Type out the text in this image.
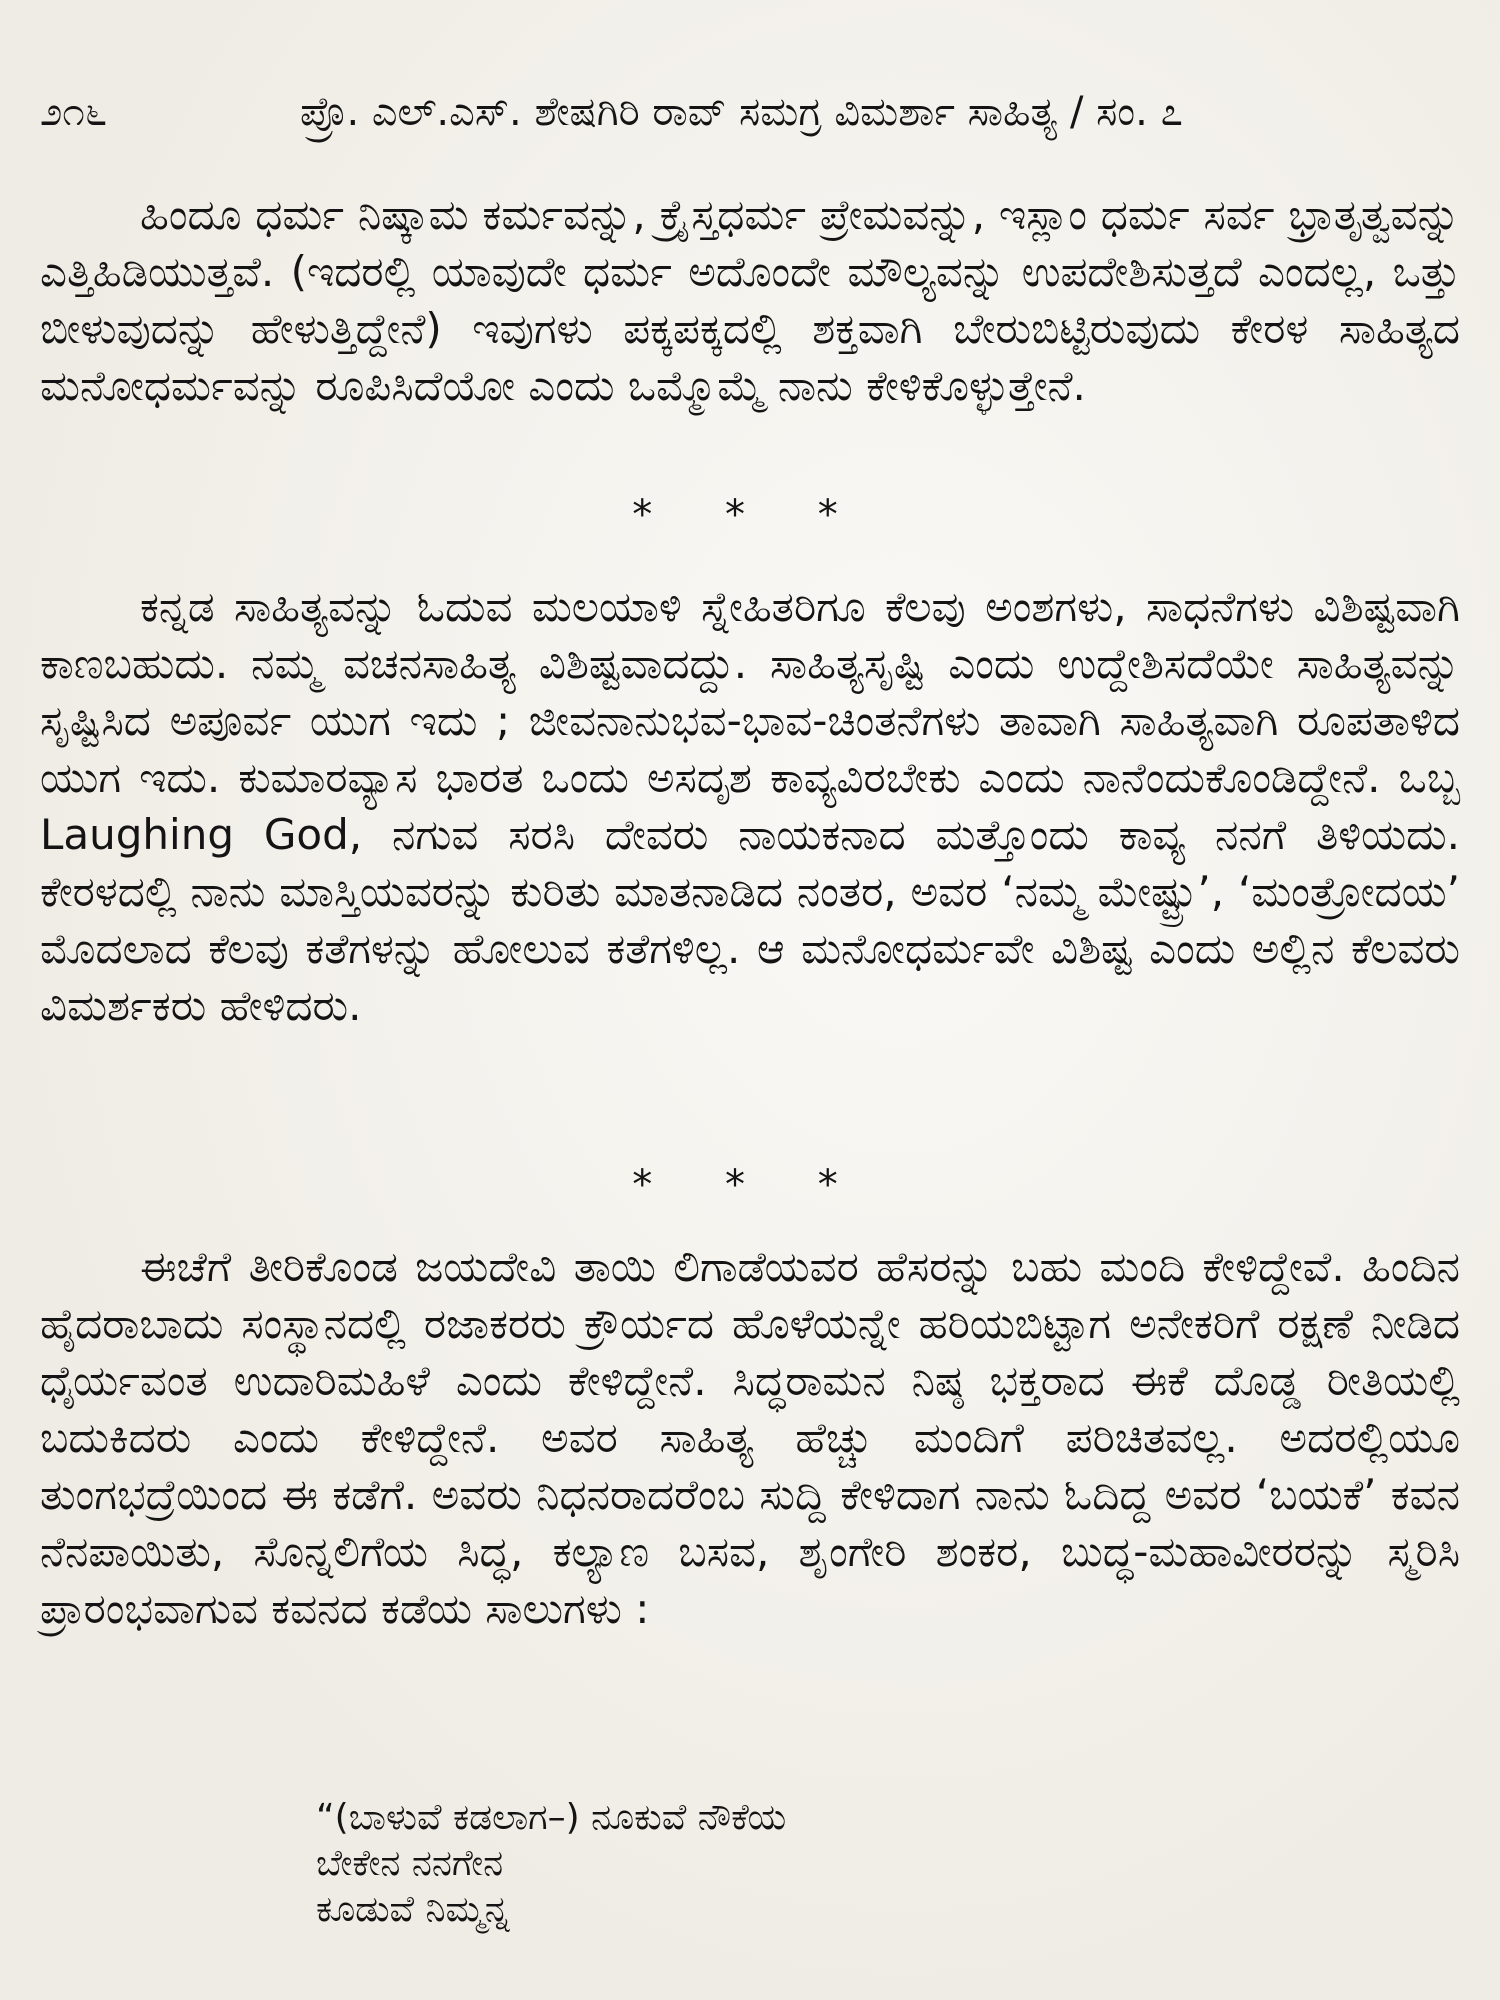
೨೧೬	ಪ್ರೊ. ಎಲ್.ಎಸ್. ಶೇಷಗಿರಿ ರಾವ್ ಸಮಗ್ರ ವಿಮರ್ಶಾ ಸಾಹಿತ್ಯ / ಸಂ. ೭

ಹಿಂದೂ ಧರ್ಮ ನಿಷ್ಕಾಮ ಕರ್ಮವನ್ನು, ಕ್ರೈಸ್ತಧರ್ಮ ಪ್ರೇಮವನ್ನು, ಇಸ್ಲಾಂ ಧರ್ಮ ಸರ್ವ ಭ್ರಾತೃತ್ವವನ್ನು ಎತ್ತಿಹಿಡಿಯುತ್ತವೆ. (ಇದರಲ್ಲಿ ಯಾವುದೇ ಧರ್ಮ ಅದೊಂದೇ ಮೌಲ್ಯವನ್ನು ಉಪದೇಶಿಸುತ್ತದೆ ಎಂದಲ್ಲ, ಒತ್ತು ಬೀಳುವುದನ್ನು ಹೇಳುತ್ತಿದ್ದೇನೆ) ಇವುಗಳು ಪಕ್ಕಪಕ್ಕದಲ್ಲಿ ಶಕ್ತವಾಗಿ ಬೇರುಬಿಟ್ಟಿರುವುದು ಕೇರಳ ಸಾಹಿತ್ಯದ ಮನೋಧರ್ಮವನ್ನು ರೂಪಿಸಿದೆಯೋ ಎಂದು ಒಮ್ಮೊಮ್ಮೆ ನಾನು ಕೇಳಿಕೊಳ್ಳುತ್ತೇನೆ.

* * *

ಕನ್ನಡ ಸಾಹಿತ್ಯವನ್ನು ಓದುವ ಮಲಯಾಳಿ ಸ್ನೇಹಿತರಿಗೂ ಕೆಲವು ಅಂಶಗಳು, ಸಾಧನೆಗಳು ವಿಶಿಷ್ಟವಾಗಿ ಕಾಣಬಹುದು. ನಮ್ಮ ವಚನಸಾಹಿತ್ಯ ವಿಶಿಷ್ಟವಾದದ್ದು. ಸಾಹಿತ್ಯಸೃಷ್ಟಿ ಎಂದು ಉದ್ದೇಶಿಸದೆಯೇ ಸಾಹಿತ್ಯವನ್ನು ಸೃಷ್ಟಿಸಿದ ಅಪೂರ್ವ ಯುಗ ಇದು ; ಜೀವನಾನುಭವ-ಭಾವ-ಚಿಂತನೆಗಳು ತಾವಾಗಿ ಸಾಹಿತ್ಯವಾಗಿ ರೂಪತಾಳಿದ ಯುಗ ಇದು. ಕುಮಾರವ್ಯಾಸ ಭಾರತ ಒಂದು ಅಸದೃಶ ಕಾವ್ಯವಿರಬೇಕು ಎಂದು ನಾನೆಂದುಕೊಂಡಿದ್ದೇನೆ. ಒಬ್ಬ Laughing God, ನಗುವ ಸರಸಿ ದೇವರು ನಾಯಕನಾದ ಮತ್ತೊಂದು ಕಾವ್ಯ ನನಗೆ ತಿಳಿಯದು. ಕೇರಳದಲ್ಲಿ ನಾನು ಮಾಸ್ತಿಯವರನ್ನು ಕುರಿತು ಮಾತನಾಡಿದ ನಂತರ, ಅವರ ‘ನಮ್ಮ ಮೇಷ್ಟ್ರು’, ‘ಮಂತ್ರೋದಯ’ ಮೊದಲಾದ ಕೆಲವು ಕತೆಗಳನ್ನು ಹೋಲುವ ಕತೆಗಳಿಲ್ಲ. ಆ ಮನೋಧರ್ಮವೇ ವಿಶಿಷ್ಟ ಎಂದು ಅಲ್ಲಿನ ಕೆಲವರು ವಿಮರ್ಶಕರು ಹೇಳಿದರು.

* * *

ಈಚೆಗೆ ತೀರಿಕೊಂಡ ಜಯದೇವಿ ತಾಯಿ ಲಿಗಾಡೆಯವರ ಹೆಸರನ್ನು ಬಹು ಮಂದಿ ಕೇಳಿದ್ದೇವೆ. ಹಿಂದಿನ ಹೈದರಾಬಾದು ಸಂಸ್ಥಾನದಲ್ಲಿ ರಜಾಕರರು ಕ್ರೌರ್ಯದ ಹೊಳೆಯನ್ನೇ ಹರಿಯಬಿಟ್ಟಾಗ ಅನೇಕರಿಗೆ ರಕ್ಷಣೆ ನೀಡಿದ ಧೈರ್ಯವಂತ ಉದಾರಿಮಹಿಳೆ ಎಂದು ಕೇಳಿದ್ದೇನೆ. ಸಿದ್ಧರಾಮನ ನಿಷ್ಠ ಭಕ್ತರಾದ ಈಕೆ ದೊಡ್ಡ ರೀತಿಯಲ್ಲಿ ಬದುಕಿದರು ಎಂದು ಕೇಳಿದ್ದೇನೆ. ಅವರ ಸಾಹಿತ್ಯ ಹೆಚ್ಚು ಮಂದಿಗೆ ಪರಿಚಿತವಲ್ಲ. ಅದರಲ್ಲಿಯೂ ತುಂಗಭದ್ರೆಯಿಂದ ಈ ಕಡೆಗೆ. ಅವರು ನಿಧನರಾದರೆಂಬ ಸುದ್ದಿ ಕೇಳಿದಾಗ ನಾನು ಓದಿದ್ದ ಅವರ ‘ಬಯಕೆ’ ಕವನ ನೆನಪಾಯಿತು, ಸೊನ್ನಲಿಗೆಯ ಸಿದ್ಧ, ಕಲ್ಯಾಣ ಬಸವ, ಶೃಂಗೇರಿ ಶಂಕರ, ಬುದ್ಧ-ಮಹಾವೀರರನ್ನು ಸ್ಮರಿಸಿ ಪ್ರಾರಂಭವಾಗುವ ಕವನದ ಕಡೆಯ ಸಾಲುಗಳು :

“(ಬಾಳುವೆ ಕಡಲಾಗ–) ನೂಕುವೆ ನೌಕೆಯ
ಬೇಕೇನ ನನಗೇನ
ಕೂಡುವೆ ನಿಮ್ಮನ್ನ
